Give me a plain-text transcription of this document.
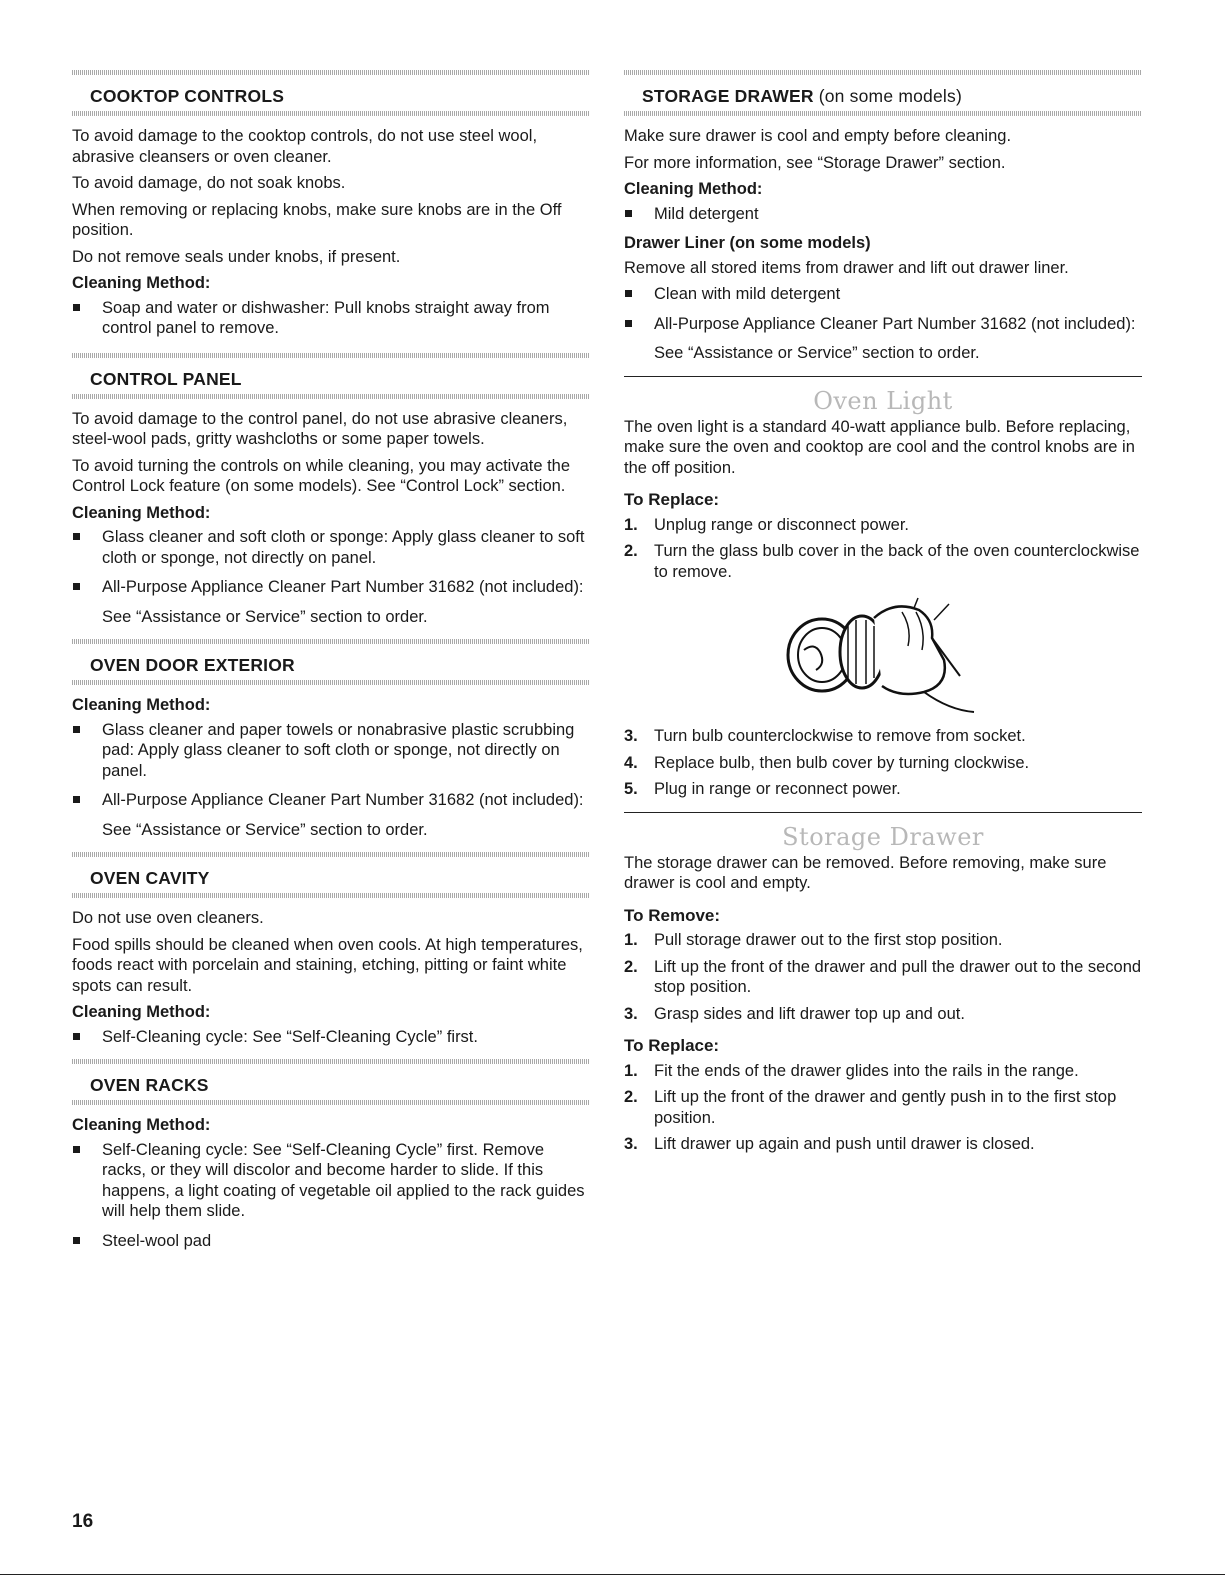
COOKTOP CONTROLS

To avoid damage to the cooktop controls, do not use steel wool, abrasive cleansers or oven cleaner.

To avoid damage, do not soak knobs.

When removing or replacing knobs, make sure knobs are in the Off position.

Do not remove seals under knobs, if present.

Cleaning Method:
Soap and water or dishwasher: Pull knobs straight away from control panel to remove.
CONTROL PANEL

To avoid damage to the control panel, do not use abrasive cleaners, steel-wool pads, gritty washcloths or some paper towels.

To avoid turning the controls on while cleaning, you may activate the Control Lock feature (on some models). See “Control Lock” section.

Cleaning Method:
Glass cleaner and soft cloth or sponge: Apply glass cleaner to soft cloth or sponge, not directly on panel.
All-Purpose Appliance Cleaner Part Number 31682 (not included):

See “Assistance or Service” section to order.

OVEN DOOR EXTERIOR
Cleaning Method:
Glass cleaner and paper towels or nonabrasive plastic scrubbing pad: Apply glass cleaner to soft cloth or sponge, not directly on panel.
All-Purpose Appliance Cleaner Part Number 31682 (not included):

See “Assistance or Service” section to order.

OVEN CAVITY

Do not use oven cleaners.

Food spills should be cleaned when oven cools. At high temperatures, foods react with porcelain and staining, etching, pitting or faint white spots can result.

Cleaning Method:
Self-Cleaning cycle: See “Self-Cleaning Cycle” first.
OVEN RACKS
Cleaning Method:
Self-Cleaning cycle: See “Self-Cleaning Cycle” first. Remove racks, or they will discolor and become harder to slide. If this happens, a light coating of vegetable oil applied to the rack guides will help them slide.
Steel-wool pad
STORAGE DRAWER (on some models)

Make sure drawer is cool and empty before cleaning.

For more information, see “Storage Drawer” section.

Cleaning Method:
Mild detergent
Drawer Liner (on some models)

Remove all stored items from drawer and lift out drawer liner.

Clean with mild detergent
All-Purpose Appliance Cleaner Part Number 31682 (not included):

See “Assistance or Service” section to order.

Oven Light

The oven light is a standard 40-watt appliance bulb. Before replacing, make sure the oven and cooktop are cool and the control knobs are in the off position.

To Replace:
1. Unplug range or disconnect power.
2. Turn the glass bulb cover in the back of the oven counterclockwise to remove.
3. Turn bulb counterclockwise to remove from socket.
4. Replace bulb, then bulb cover by turning clockwise.
5. Plug in range or reconnect power.
Storage Drawer

The storage drawer can be removed. Before removing, make sure drawer is cool and empty.

To Remove:
1. Pull storage drawer out to the first stop position.
2. Lift up the front of the drawer and pull the drawer out to the second stop position.
3. Grasp sides and lift drawer top up and out.
To Replace:
1. Fit the ends of the drawer glides into the rails in the range.
2. Lift up the front of the drawer and gently push in to the first stop position.
3. Lift drawer up again and push until drawer is closed.
16
